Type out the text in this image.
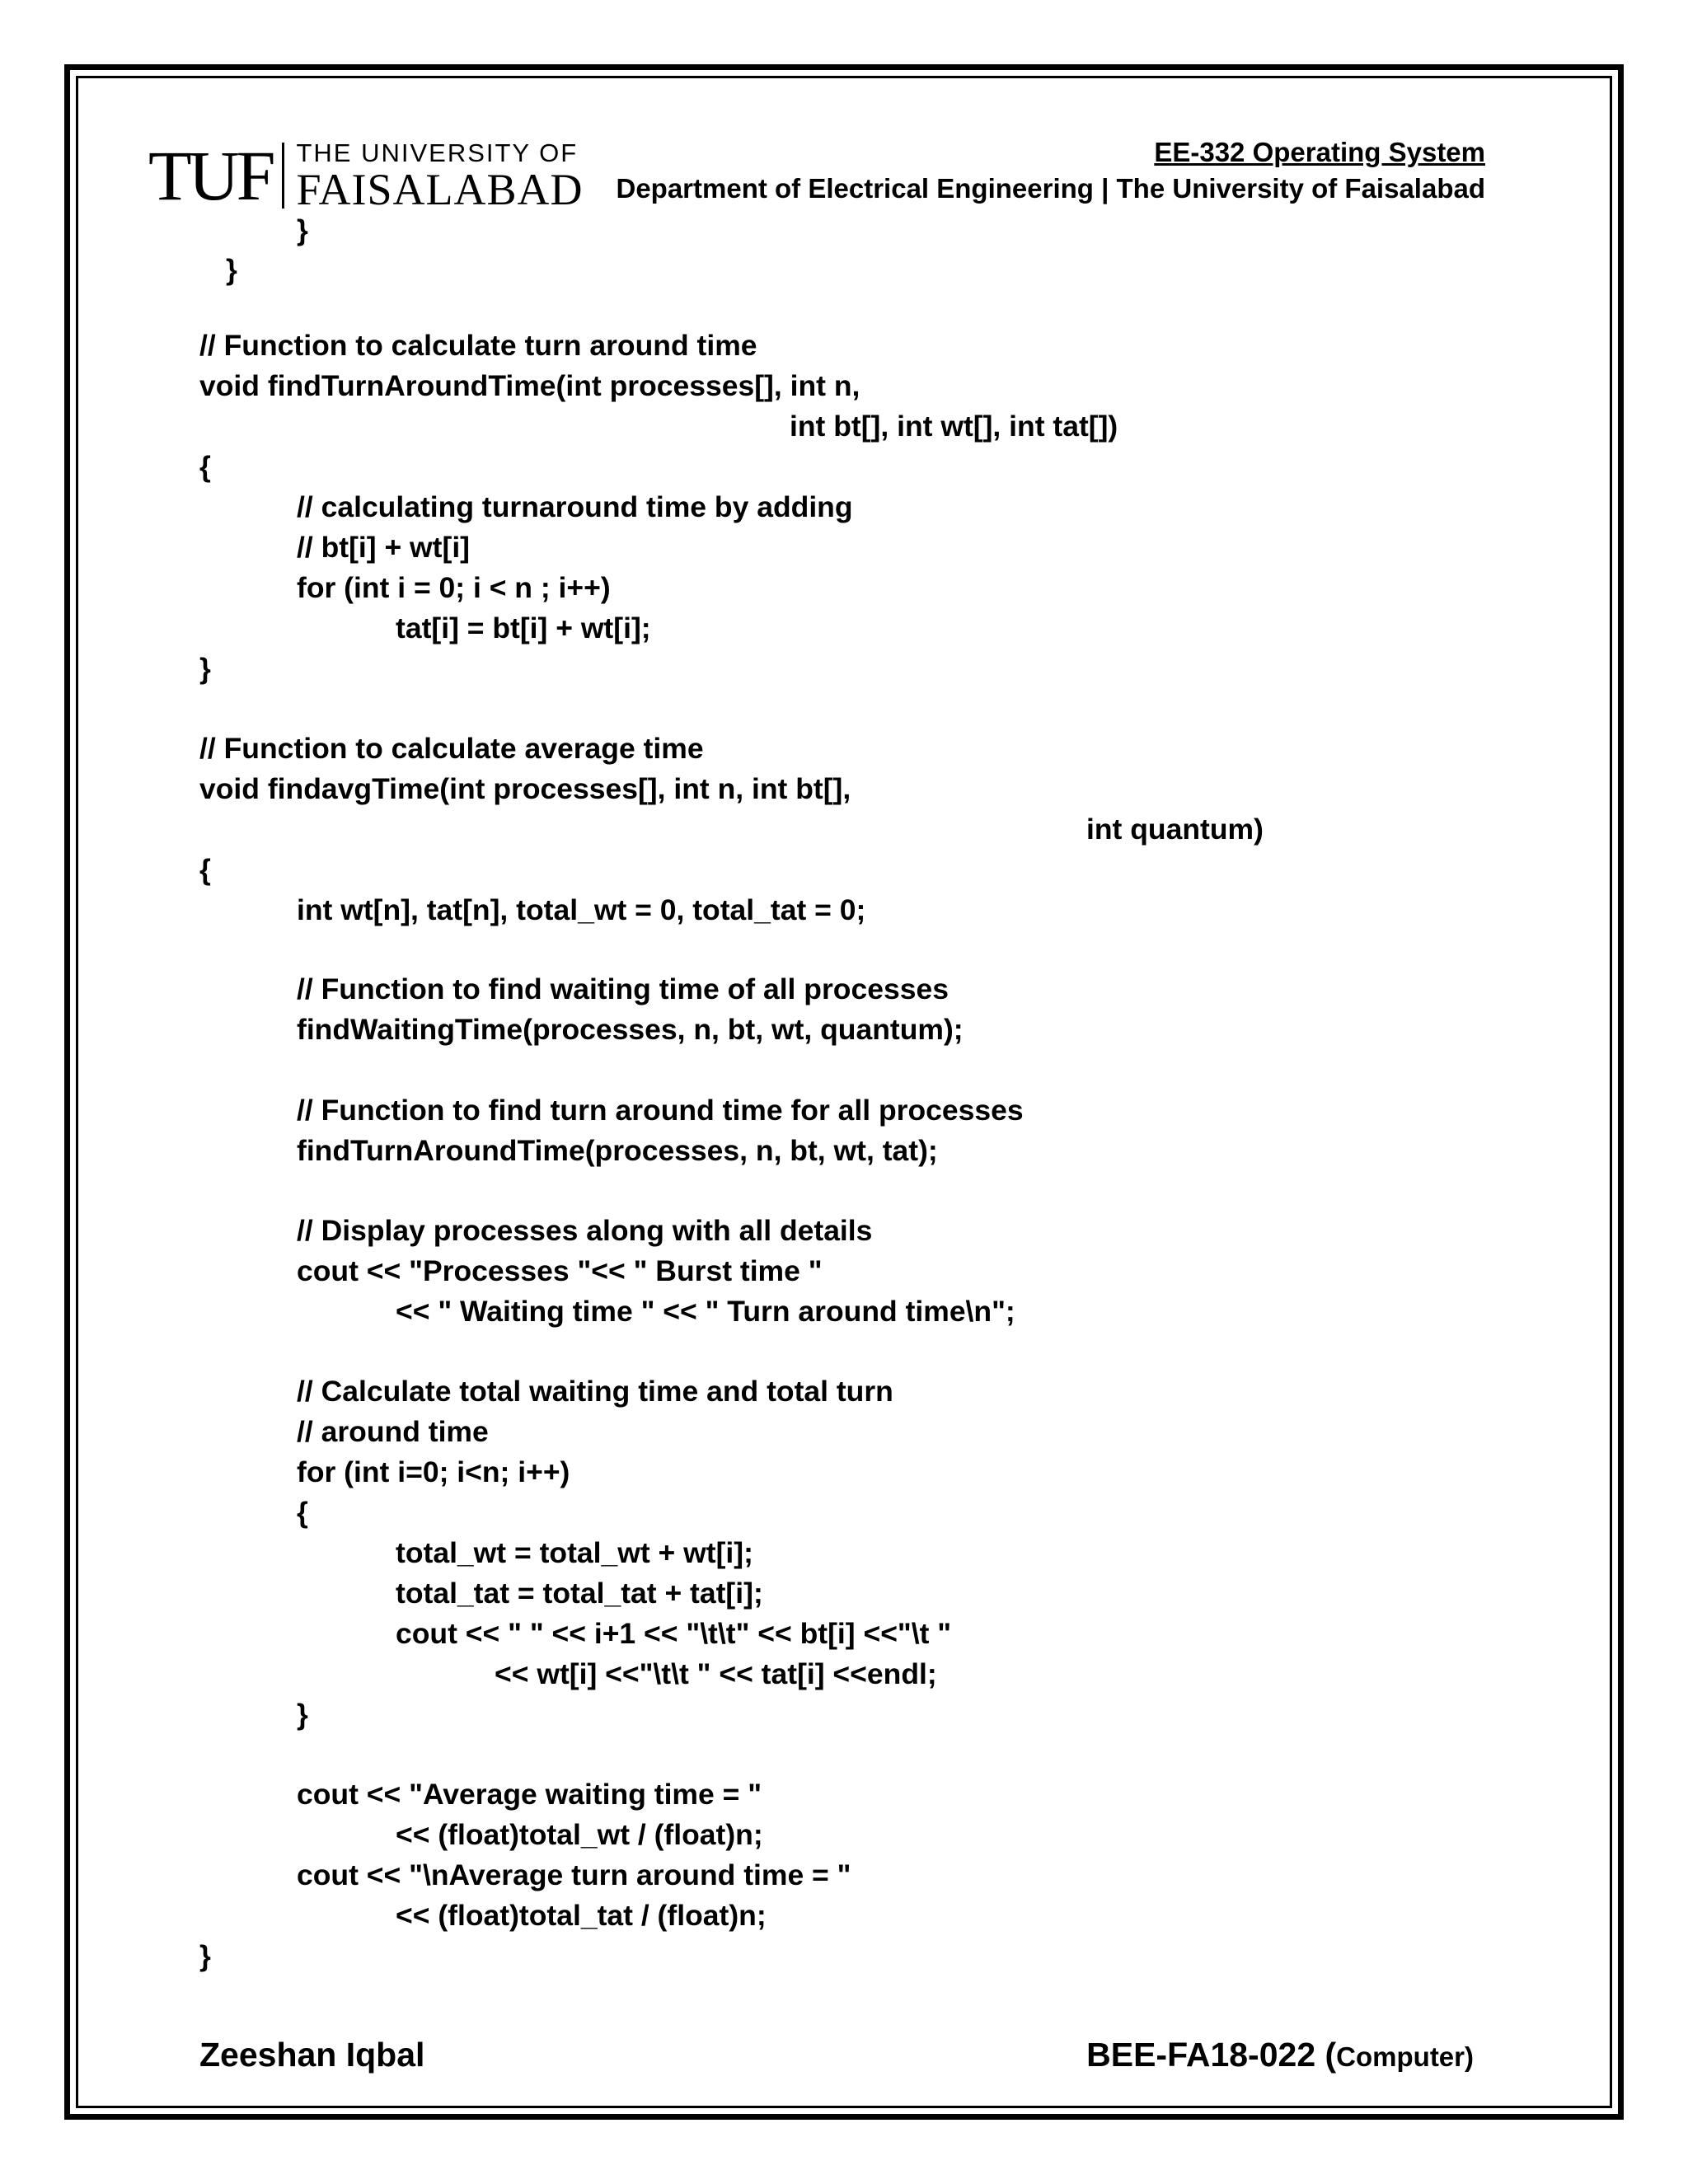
TUF THE UNIVERSITY OF
FAISALABAD
EE-332 Operating System
Department of Electrical Engineering | The University of Faisalabad
}
}
// Function to calculate turn around time
void findTurnAroundTime(int processes[], int n,
int bt[], int wt[], int tat[])
{
// calculating turnaround time by adding
// bt[i] + wt[i]
for (int i = 0; i < n ; i++)
tat[i] = bt[i] + wt[i];
}
// Function to calculate average time
void findavgTime(int processes[], int n, int bt[],
int quantum)
{
int wt[n], tat[n], total_wt = 0, total_tat = 0;
// Function to find waiting time of all processes
findWaitingTime(processes, n, bt, wt, quantum);
// Function to find turn around time for all processes
findTurnAroundTime(processes, n, bt, wt, tat);
// Display processes along with all details
cout << "Processes "<< " Burst time "
<< " Waiting time " << " Turn around time\n";
// Calculate total waiting time and total turn
// around time
for (int i=0; i<n; i++)
{
total_wt = total_wt + wt[i];
total_tat = total_tat + tat[i];
cout << " " << i+1 << "\t\t" << bt[i] <<"\t "
<< wt[i] <<"\t\t " << tat[i] <<endl;
}
cout << "Average waiting time = "
<< (float)total_wt / (float)n;
cout << "\nAverage turn around time = "
<< (float)total_tat / (float)n;
}
Zeeshan Iqbal	BEE-FA18-022 (Computer)
